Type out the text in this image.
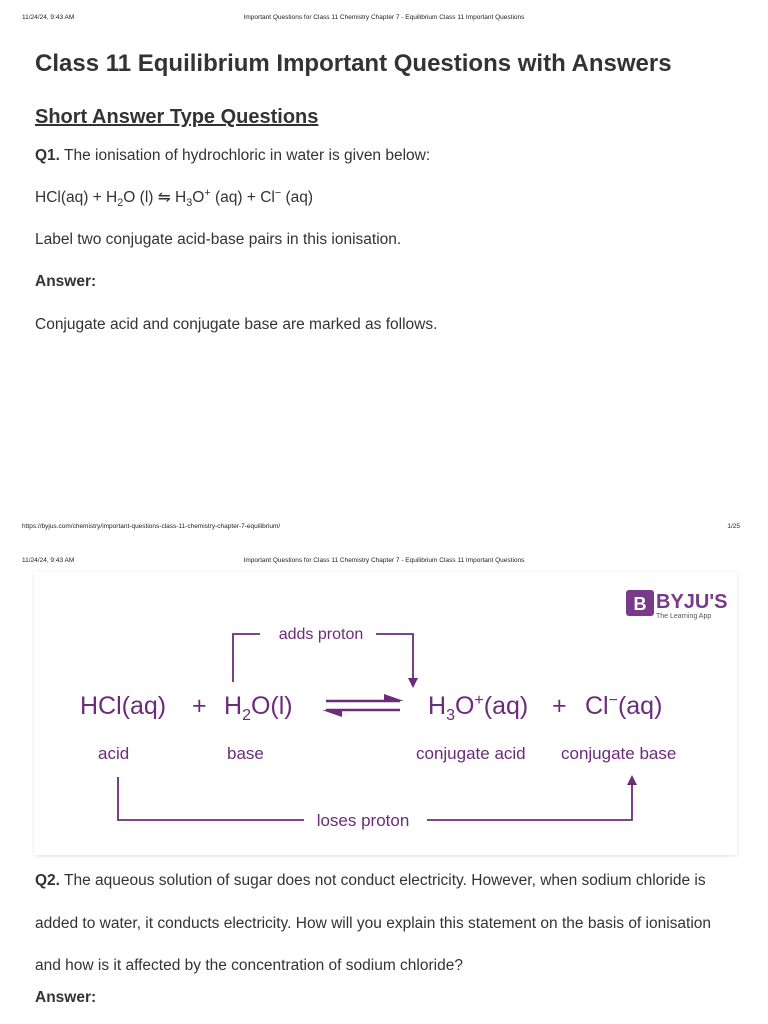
11/24/24, 9:43 AM	Important Questions for Class 11 Chemistry Chapter 7 - Equilibrium Class 11 Important Questions
Class 11 Equilibrium Important Questions with Answers
Short Answer Type Questions

Q1. The ionisation of hydrochloric in water is given below:

$HCl(aq) + H_2O$ (l) ⇋ $H_3O^+$ (aq) + Cl− (aq)

Label two conjugate acid-base pairs in this ionisation.

Answer:

Conjugate acid and conjugate base are marked as follows.

https://byjus.com/chemistry/important-questions-class-11-chemistry-chapter-7-equilibrium/	1/25
11/24/24, 9:43 AM	Important Questions for Class 11 Chemistry Chapter 7 - Equilibrium Class 11 Important Questions
B BYJU'S
The Learning App
adds proton
$HCl(aq) + H_2O(l)$	$H_3O^+(aq) + Cl^-(aq)$
acid	base	conjugate acid conjugate base
loses proton

Q2. The aqueous solution of sugar does not conduct electricity. However, when sodium chloride is added to water, it conducts electricity. How will you explain this statement on the basis of ionisation and how is it affected by the concentration of sodium chloride?

Answer:
